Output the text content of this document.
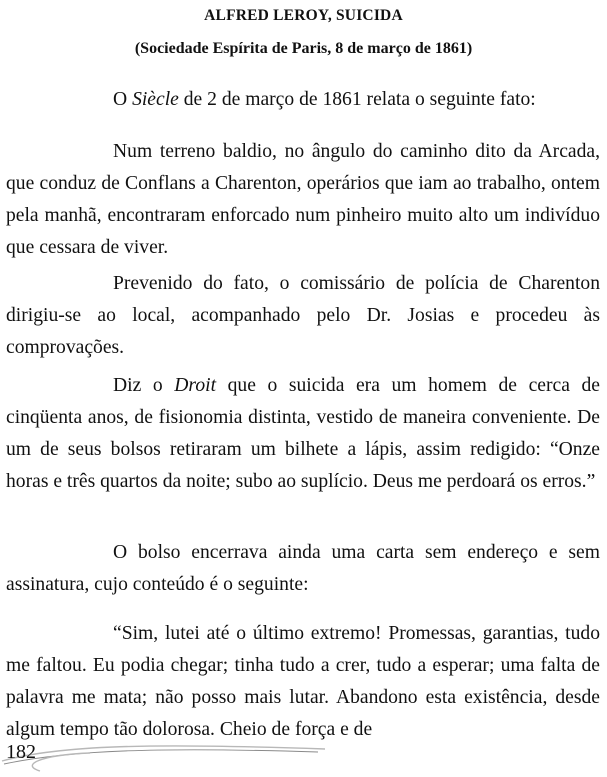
ALFRED LEROY, SUICIDA
(Sociedade Espírita de Paris, 8 de março de 1861)

O Siècle de 2 de março de 1861 relata o seguinte fato:

Num terreno baldio, no ângulo do caminho dito da Arcada, que conduz de Conflans a Charenton, operários que iam ao trabalho, ontem pela manhã, encontraram enforcado num pinheiro muito alto um indivíduo que cessara de viver.

Prevenido do fato, o comissário de polícia de Charenton dirigiu-se ao local, acompanhado pelo Dr. Josias e procedeu às comprovações.

Diz o Droit que o suicida era um homem de cerca de cinqüenta anos, de fisionomia distinta, vestido de maneira conveniente. De um de seus bolsos retiraram um bilhete a lápis, assim redigido: “Onze horas e três quartos da noite; subo ao suplício. Deus me perdoará os erros.”

O bolso encerrava ainda uma carta sem endereço e sem assinatura, cujo conteúdo é o seguinte:

“Sim, lutei até o último extremo! Promessas, garantias, tudo me faltou. Eu podia chegar; tinha tudo a crer, tudo a esperar; uma falta de palavra me mata; não posso mais lutar. Abandono esta existência, desde algum tempo tão dolorosa. Cheio de força e de

182
